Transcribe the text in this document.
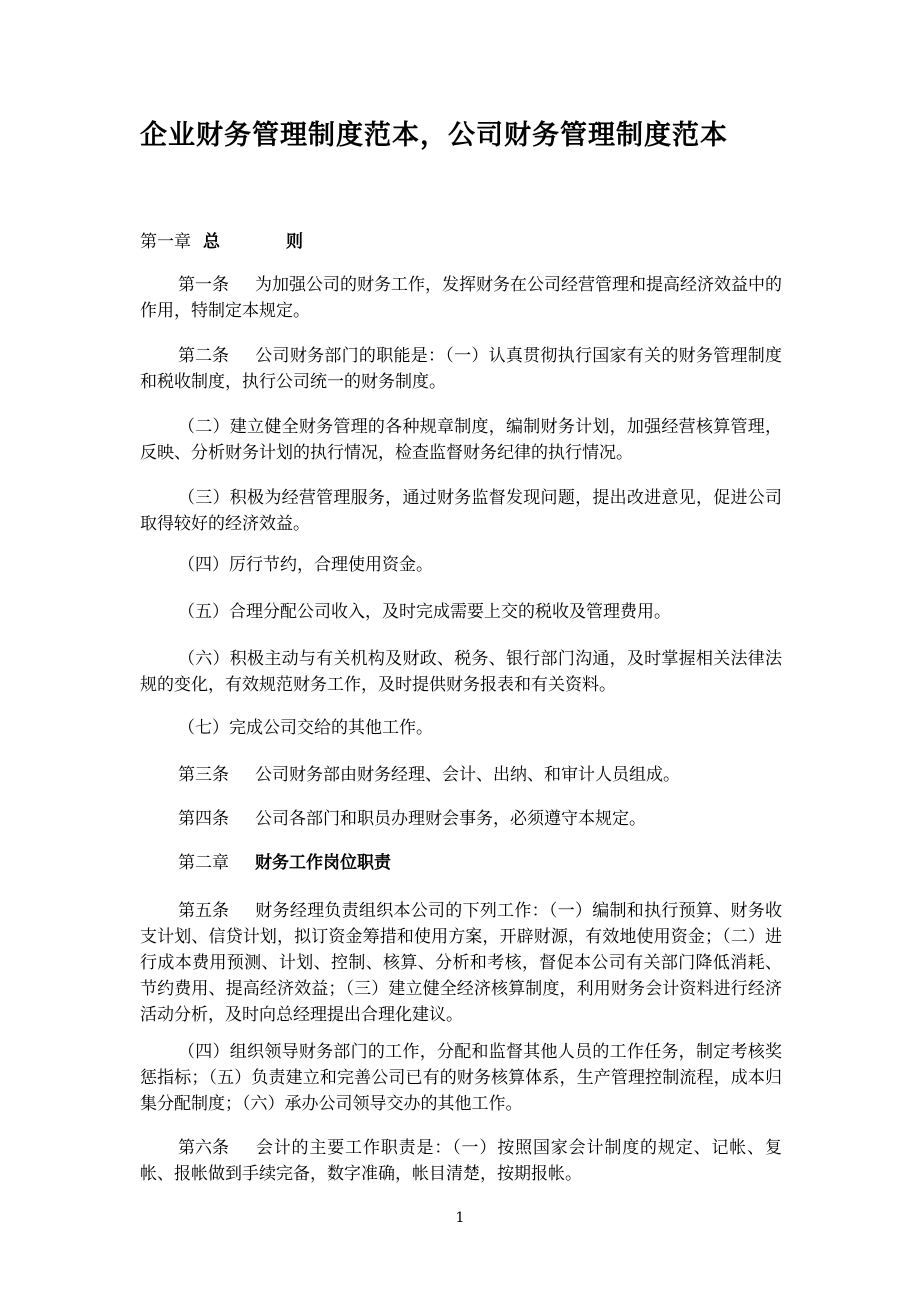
企业财务管理制度范本，公司财务管理制度范本
第一章 总则

第一条 为加强公司的财务工作，发挥财务在公司经营管理和提高经济效益中的作用，特制定本规定。

第二条 公司财务部门的职能是：（一）认真贯彻执行国家有关的财务管理制度和税收制度，执行公司统一的财务制度。

（二）建立健全财务管理的各种规章制度，编制财务计划，加强经营核算管理，反映、分析财务计划的执行情况，检查监督财务纪律的执行情况。

（三）积极为经营管理服务，通过财务监督发现问题，提出改进意见，促进公司取得较好的经济效益。

（四）厉行节约，合理使用资金。

（五）合理分配公司收入，及时完成需要上交的税收及管理费用。

（六）积极主动与有关机构及财政、税务、银行部门沟通，及时掌握相关法律法规的变化，有效规范财务工作，及时提供财务报表和有关资料。

（七）完成公司交给的其他工作。

第三条 公司财务部由财务经理、会计、出纳、和审计人员组成。

第四条 公司各部门和职员办理财会事务，必须遵守本规定。

第二章 财务工作岗位职责

第五条 财务经理负责组织本公司的下列工作：（一）编制和执行预算、财务收支计划、信贷计划，拟订资金筹措和使用方案，开辟财源，有效地使用资金；（二）进行成本费用预测、计划、控制、核算、分析和考核，督促本公司有关部门降低消耗、节约费用、提高经济效益；（三）建立健全经济核算制度，利用财务会计资料进行经济活动分析，及时向总经理提出合理化建议。

（四）组织领导财务部门的工作，分配和监督其他人员的工作任务，制定考核奖惩指标；（五）负责建立和完善公司已有的财务核算体系，生产管理控制流程，成本归集分配制度；（六）承办公司领导交办的其他工作。

第六条 会计的主要工作职责是：（一）按照国家会计制度的规定、记帐、复帐、报帐做到手续完备，数字准确，帐目清楚，按期报帐。

1
